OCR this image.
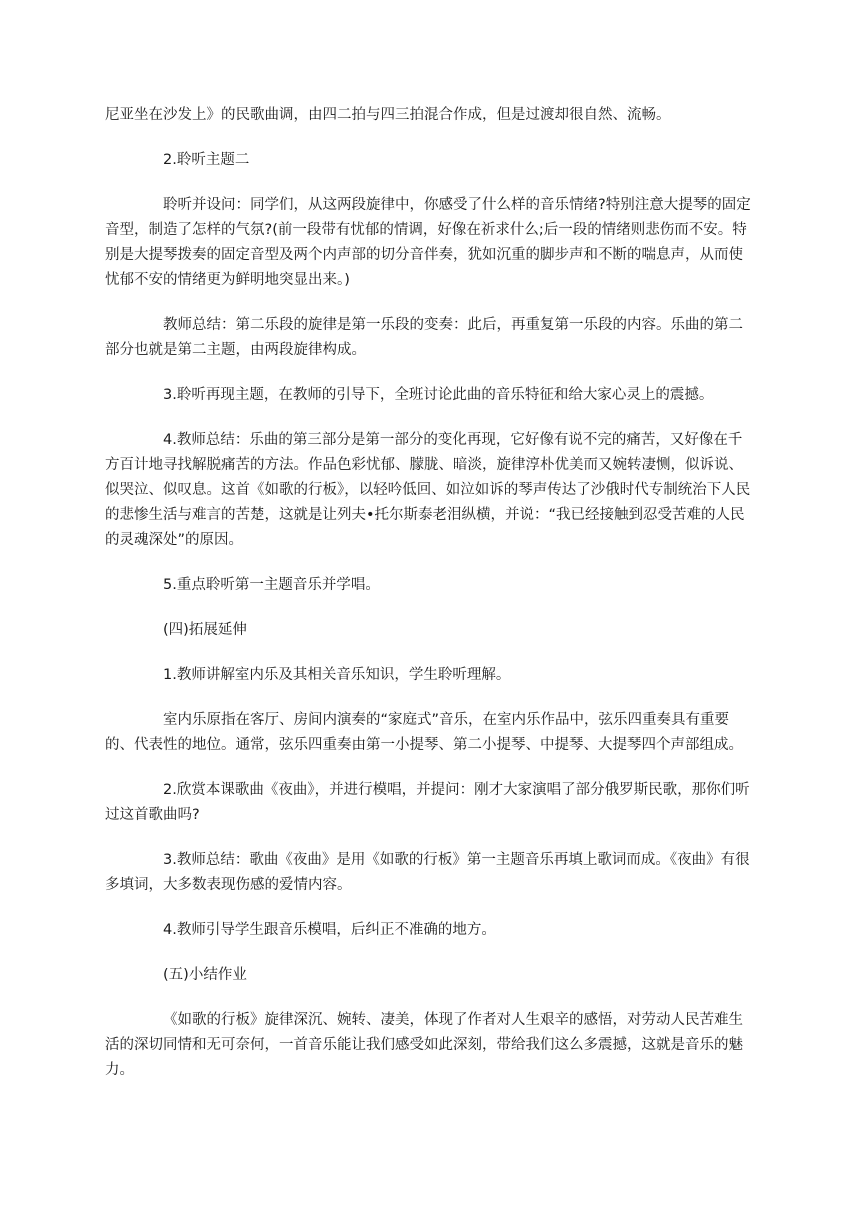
尼亚坐在沙发上》的民歌曲调，由四二拍与四三拍混合作成，但是过渡却很自然、流畅。

2.聆听主题二

聆听并设问：同学们，从这两段旋律中，你感受了什么样的音乐情绪?特别注意大提琴的固定音型，制造了怎样的气氛?(前一段带有忧郁的情调，好像在祈求什么;后一段的情绪则悲伤而不安。特别是大提琴拨奏的固定音型及两个内声部的切分音伴奏，犹如沉重的脚步声和不断的喘息声，从而使忧郁不安的情绪更为鲜明地突显出来。)

教师总结：第二乐段的旋律是第一乐段的变奏：此后，再重复第一乐段的内容。乐曲的第二部分也就是第二主题，由两段旋律构成。

3.聆听再现主题，在教师的引导下，全班讨论此曲的音乐特征和给大家心灵上的震撼。

4.教师总结：乐曲的第三部分是第一部分的变化再现，它好像有说不完的痛苦，又好像在千方百计地寻找解脱痛苦的方法。作品色彩忧郁、朦胧、暗淡，旋律淳朴优美而又婉转凄恻，似诉说、似哭泣、似叹息。这首《如歌的行板》，以轻吟低回、如泣如诉的琴声传达了沙俄时代专制统治下人民的悲惨生活与难言的苦楚，这就是让列夫•托尔斯泰老泪纵横，并说：“我已经接触到忍受苦难的人民的灵魂深处”的原因。

5.重点聆听第一主题音乐并学唱。

(四)拓展延伸

1.教师讲解室内乐及其相关音乐知识，学生聆听理解。

室内乐原指在客厅、房间内演奏的“家庭式”音乐，在室内乐作品中，弦乐四重奏具有重要的、代表性的地位。通常，弦乐四重奏由第一小提琴、第二小提琴、中提琴、大提琴四个声部组成。

2.欣赏本课歌曲《夜曲》，并进行模唱，并提问：刚才大家演唱了部分俄罗斯民歌，那你们听过这首歌曲吗?

3.教师总结：歌曲《夜曲》是用《如歌的行板》第一主题音乐再填上歌词而成。《夜曲》有很多填词，大多数表现伤感的爱情内容。

4.教师引导学生跟音乐模唱，后纠正不准确的地方。

(五)小结作业

《如歌的行板》旋律深沉、婉转、凄美，体现了作者对人生艰辛的感悟，对劳动人民苦难生活的深切同情和无可奈何，一首音乐能让我们感受如此深刻，带给我们这么多震撼，这就是音乐的魅力。
